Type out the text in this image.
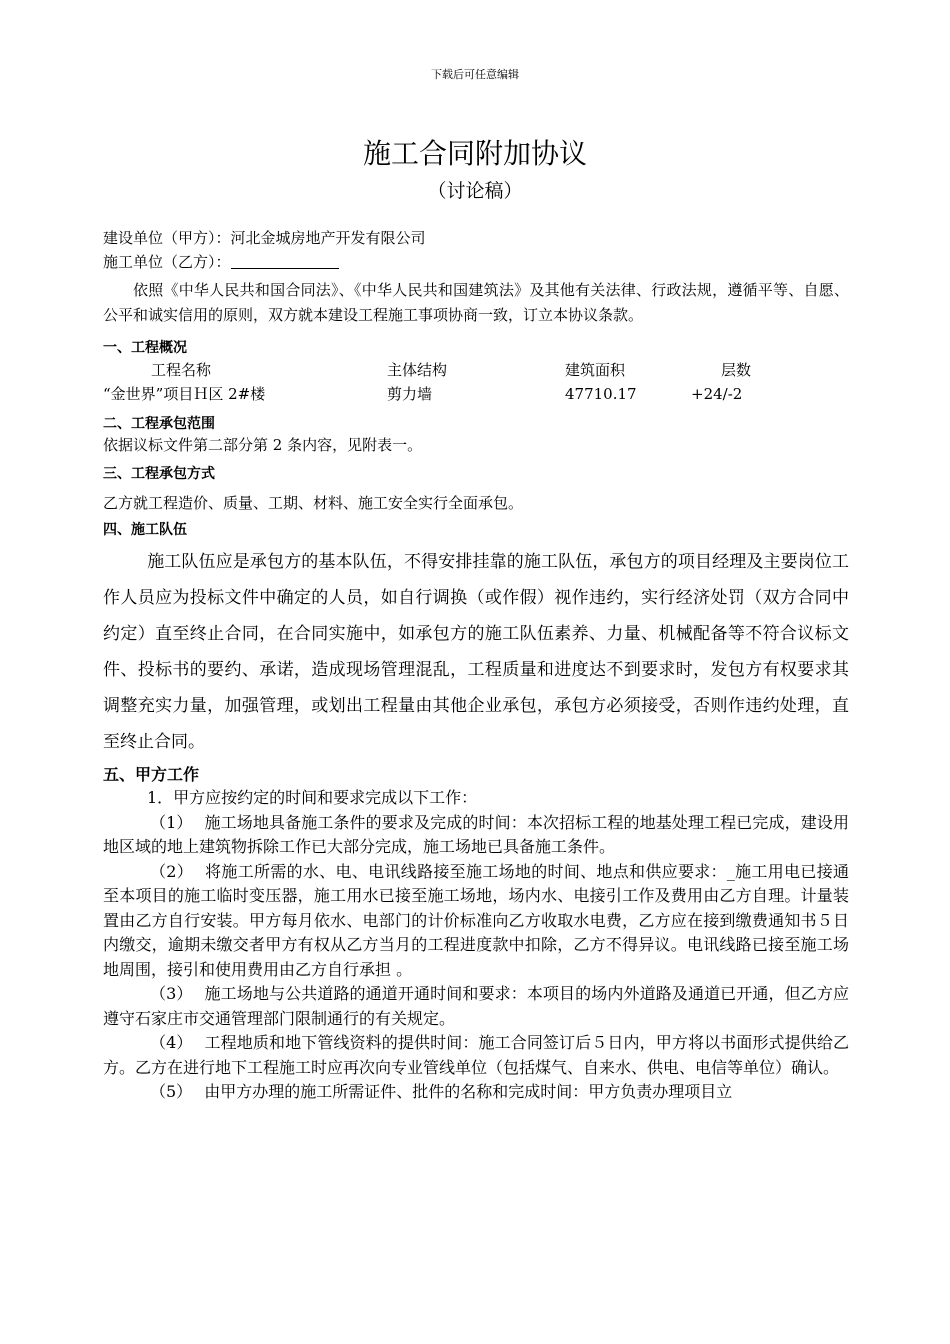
下载后可任意编辑
施工合同附加协议
（讨论稿）
建设单位（甲方）：河北金城房地产开发有限公司
施工单位（乙方）：

依照《中华人民共和国合同法》、《中华人民共和国建筑法》及其他有关法律、行政法规，遵循平等、自愿、公平和诚实信用的原则，双方就本建设工程施工事项协商一致，订立本协议条款。

一、工程概况
工程名称	主体结构	建筑面积	层数
“金世界”项目Ｈ区 2#楼	剪力墙	47710.17	+24/-2
二、工程承包范围
依据议标文件第二部分第 2 条内容，见附表一。
三、工程承包方式
乙方就工程造价、质量、工期、材料、施工安全实行全面承包。
四、施工队伍

施工队伍应是承包方的基本队伍，不得安排挂靠的施工队伍，承包方的项目经理及主要岗位工作人员应为投标文件中确定的人员，如自行调换（或作假）视作违约，实行经济处罚（双方合同中约定）直至终止合同，在合同实施中，如承包方的施工队伍素养、力量、机械配备等不符合议标文件、投标书的要约、承诺，造成现场管理混乱，工程质量和进度达不到要求时，发包方有权要求其调整充实力量，加强管理，或划出工程量由其他企业承包，承包方必须接受，否则作违约处理，直至终止合同。

五、甲方工作
1．甲方应按约定的时间和要求完成以下工作：

（1） 施工场地具备施工条件的要求及完成的时间：本次招标工程的地基处理工程已完成，建设用地区域的地上建筑物拆除工作已大部分完成，施工场地已具备施工条件。

（2） 将施工所需的水、电、电讯线路接至施工场地的时间、地点和供应要求：_施工用电已接通至本项目的施工临时变压器，施工用水已接至施工场地，场内水、电接引工作及费用由乙方自理。计量装置由乙方自行安装。甲方每月依水、电部门的计价标准向乙方收取水电费，乙方应在接到缴费通知书５日内缴交，逾期未缴交者甲方有权从乙方当月的工程进度款中扣除，乙方不得异议。电讯线路已接至施工场地周围，接引和使用费用由乙方自行承担 。

（3） 施工场地与公共道路的通道开通时间和要求：本项目的场内外道路及通道已开通，但乙方应遵守石家庄市交通管理部门限制通行的有关规定。

（4） 工程地质和地下管线资料的提供时间：施工合同签订后５日内，甲方将以书面形式提供给乙方。乙方在进行地下工程施工时应再次向专业管线单位（包括煤气、自来水、供电、电信等单位）确认。

（5） 由甲方办理的施工所需证件、批件的名称和完成时间：甲方负责办理项目立
